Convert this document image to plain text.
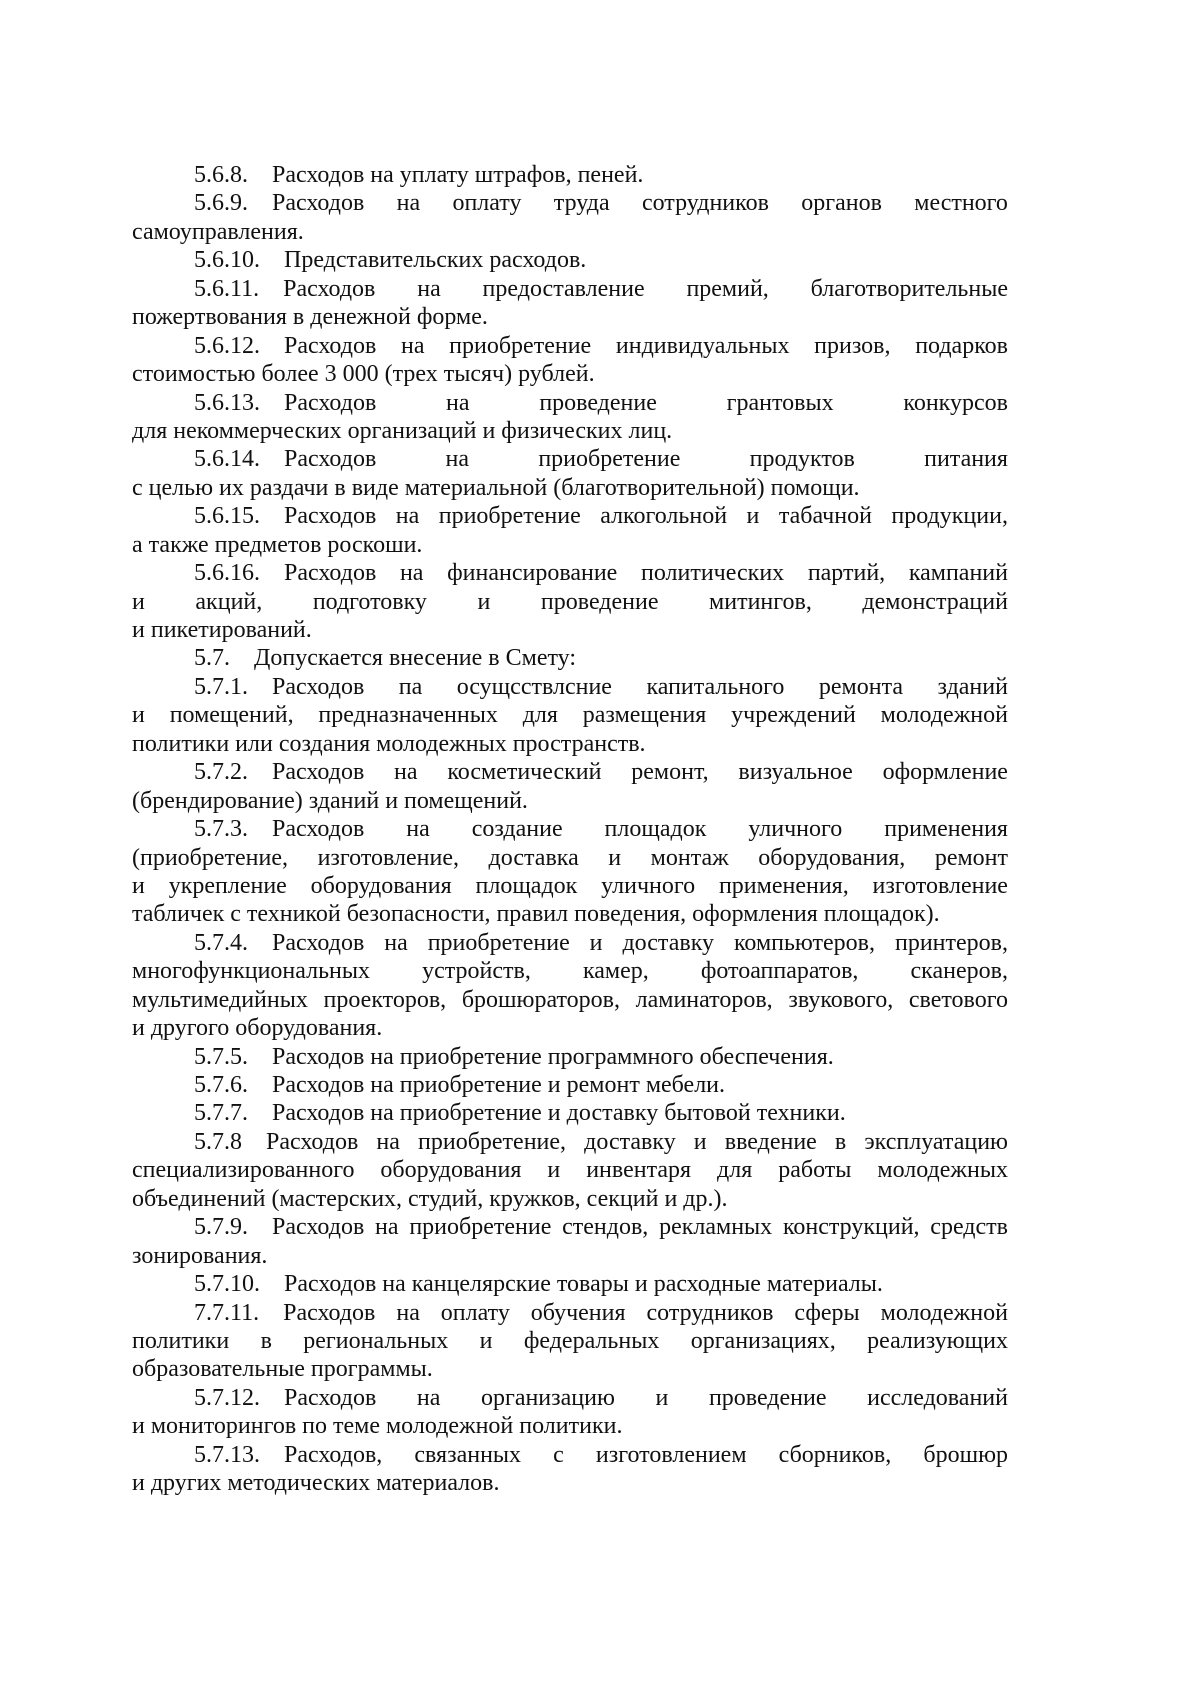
5.6.8. Расходов на уплату штрафов, пеней.
5.6.9. Расходов на оплату труда сотрудников органов местного
самоуправления.
5.6.10. Представительских расходов.
5.6.11. Расходов на предоставление премий, благотворительные
пожертвования в денежной форме.
5.6.12. Расходов на приобретение индивидуальных призов, подарков
стоимостью более 3 000 (трех тысяч) рублей.
5.6.13. Расходов	на	проведение	грантовых	конкурсов
для некоммерческих организаций и физических лиц.
5.6.14. Расходов	на	приобретение	продуктов	питания
с целью их раздачи в виде материальной (благотворительной) помощи.
5.6.15. Расходов на приобретение алкогольной и табачной продукции,
а также предметов роскоши.
5.6.16. Расходов на финансирование политических партий, кампаний
и акций, подготовку и проведение митингов, демонстраций
и пикетирований.
5.7. Допускается внесение в Смету:
5.7.1. Расходов па осущсствлсние капитального ремонта зданий
и помещений, предназначенных для размещения учреждений молодежной
политики или создания молодежных пространств.
5.7.2. Расходов на косметический ремонт, визуальное оформление
(брендирование) зданий и помещений.
5.7.3. Расходов на создание площадок уличного применения
(приобретение, изготовление, доставка и монтаж оборудования, ремонт
и укрепление оборудования площадок уличного применения, изготовление
табличек с техникой безопасности, правил поведения, оформления площадок).
5.7.4. Расходов на приобретение и доставку компьютеров, принтеров,
многофункциональных устройств, камер, фотоаппаратов, сканеров,
мультимедийных проекторов, брошюраторов, ламинаторов, звукового, светового
и другого оборудования.
5.7.5. Расходов на приобретение программного обеспечения.
5.7.6. Расходов на приобретение и ремонт мебели.
5.7.7. Расходов на приобретение и доставку бытовой техники.
5.7.8 Расходов на приобретение, доставку и введение в эксплуатацию
специализированного оборудования и инвентаря для работы молодежных
объединений (мастерских, студий, кружков, секций и др.).
5.7.9. Расходов на приобретение стендов, рекламных конструкций, средств
зонирования.
5.7.10. Расходов на канцелярские товары и расходные материалы.
7.7.11. Расходов на оплату обучения сотрудников сферы молодежной
политики в региональных и федеральных организациях, реализующих
образовательные программы.
5.7.12. Расходов на организацию и проведение исследований
и мониторингов по теме молодежной политики.
5.7.13. Расходов, связанных с изготовлением сборников, брошюр
и других методических материалов.
